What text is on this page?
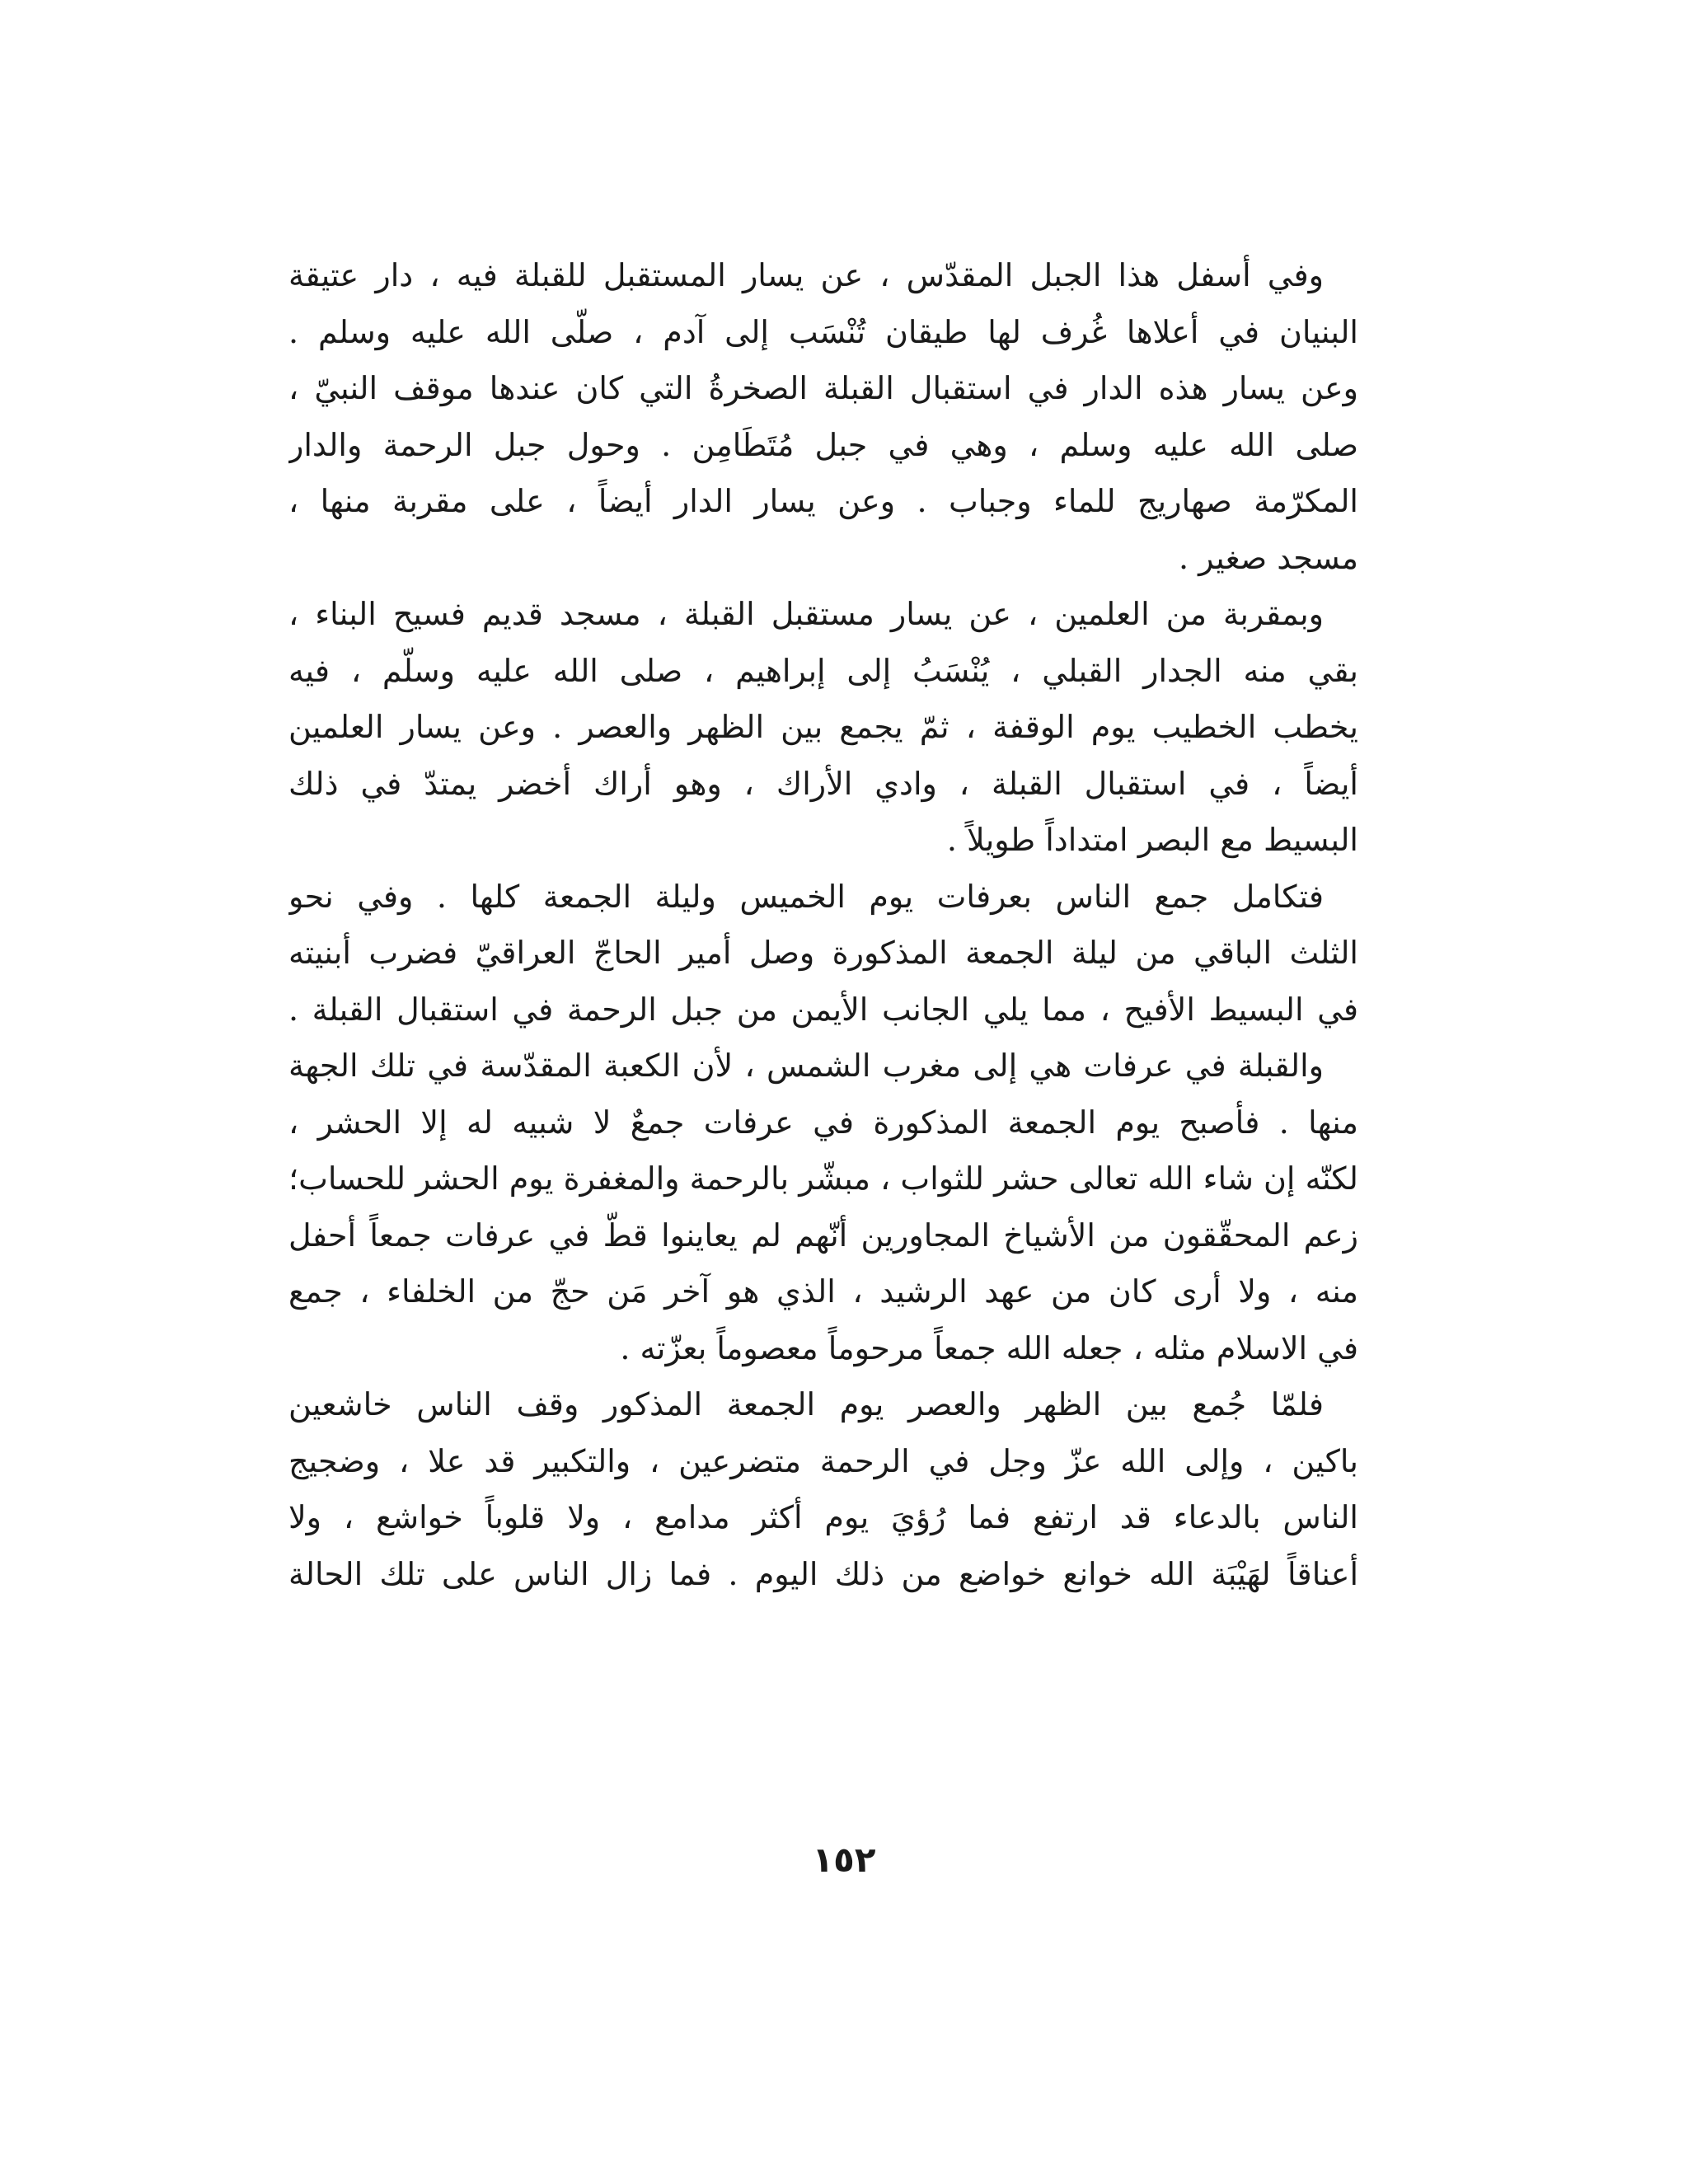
وفي أسفل هذا الجبل المقدّس ، عن يسار المستقبل للقبلة فيه ، دار عتيقة
البنيان في أعلاها غُرف لها طيقان تُنْسَب إلى آدم ، صلّى الله عليه وسلم .
وعن يسار هذه الدار في استقبال القبلة الصخرةُ التي كان عندها موقف النبيّ ،
صلى الله عليه وسلم ، وهي في جبل مُتَطَامِن . وحول جبل الرحمة والدار
المكرّمة صهاريج للماء وجباب . وعن يسار الدار أيضاً ، على مقربة منها ،
مسجد صغير .

وبمقربة من العلمين ، عن يسار مستقبل القبلة ، مسجد قديم فسيح البناء ،
بقي منه الجدار القبلي ، يُنْسَبُ إلى إبراهيم ، صلى الله عليه وسلّم ، فيه
يخطب الخطيب يوم الوقفة ، ثمّ يجمع بين الظهر والعصر . وعن يسار العلمين
أيضاً ، في استقبال القبلة ، وادي الأراك ، وهو أراك أخضر يمتدّ في ذلك
البسيط مع البصر امتداداً طويلاً .

فتكامل جمع الناس بعرفات يوم الخميس وليلة الجمعة كلها . وفي نحو
الثلث الباقي من ليلة الجمعة المذكورة وصل أمير الحاجّ العراقيّ فضرب أبنيته
في البسيط الأفيح ، مما يلي الجانب الأيمن من جبل الرحمة في استقبال القبلة .

والقبلة في عرفات هي إلى مغرب الشمس ، لأن الكعبة المقدّسة في تلك الجهة
منها . فأصبح يوم الجمعة المذكورة في عرفات جمعٌ لا شبيه له إلا الحشر ،
لكنّه إن شاء الله تعالى حشر للثواب ، مبشّر بالرحمة والمغفرة يوم الحشر للحساب؛
زعم المحقّقون من الأشياخ المجاورين أنّهم لم يعاينوا قطّ في عرفات جمعاً أحفل
منه ، ولا أرى كان من عهد الرشيد ، الذي هو آخر مَن حجّ من الخلفاء ، جمع
في الاسلام مثله ، جعله الله جمعاً مرحوماً معصوماً بعزّته .

فلمّا جُمع بين الظهر والعصر يوم الجمعة المذكور وقف الناس خاشعين
باكين ، وإلى الله عزّ وجل في الرحمة متضرعين ، والتكبير قد علا ، وضجيج
الناس بالدعاء قد ارتفع فما رُؤيَ يوم أكثر مدامع ، ولا قلوباً خواشع ، ولا
أعناقاً لهَيْبَة الله خوانع خواضع من ذلك اليوم . فما زال الناس على تلك الحالة

١٥٢
